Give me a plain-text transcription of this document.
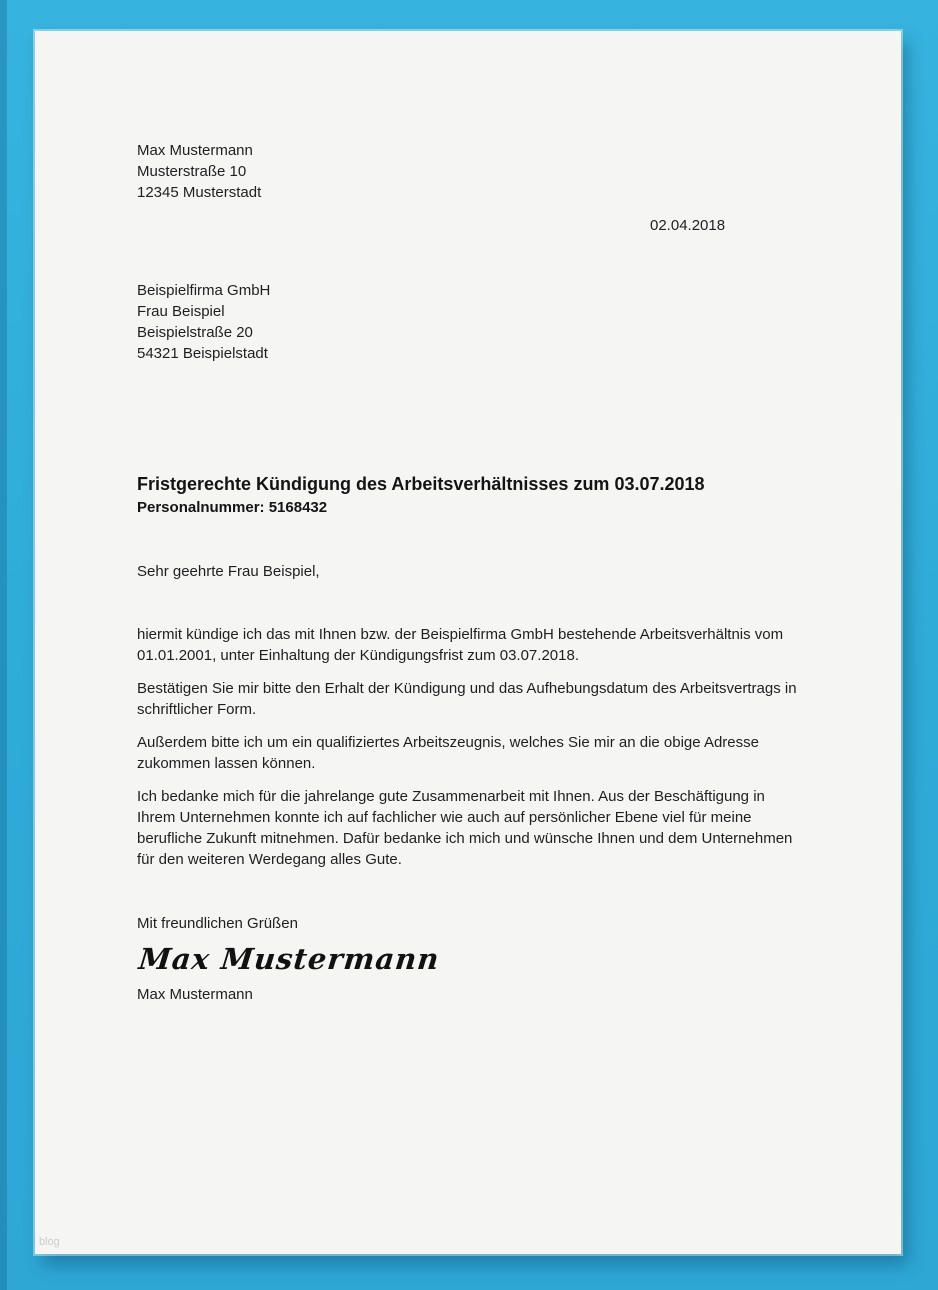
Max Mustermann
Musterstraße 10
12345 Musterstadt
02.04.2018
Beispielfirma GmbH
Frau Beispiel
Beispielstraße 20
54321 Beispielstadt
Fristgerechte Kündigung des Arbeitsverhältnisses zum 03.07.2018
Personalnummer: 5168432
Sehr geehrte Frau Beispiel,
hiermit kündige ich das mit Ihnen bzw. der Beispielfirma GmbH bestehende Arbeitsverhältnis vom 01.01.2001, unter Einhaltung der Kündigungsfrist zum 03.07.2018.
Bestätigen Sie mir bitte den Erhalt der Kündigung und das Aufhebungsdatum des Arbeitsvertrags in schriftlicher Form.
Außerdem bitte ich um ein qualifiziertes Arbeitszeugnis, welches Sie mir an die obige Adresse zukommen lassen können.
Ich bedanke mich für die jahrelange gute Zusammenarbeit mit Ihnen. Aus der Beschäftigung in Ihrem Unternehmen konnte ich auf fachlicher wie auch auf persönlicher Ebene viel für meine berufliche Zukunft mitnehmen. Dafür bedanke ich mich und wünsche Ihnen und dem Unternehmen für den weiteren Werdegang alles Gute.
Mit freundlichen Grüßen
Max Mustermann
Max Mustermann
blog
